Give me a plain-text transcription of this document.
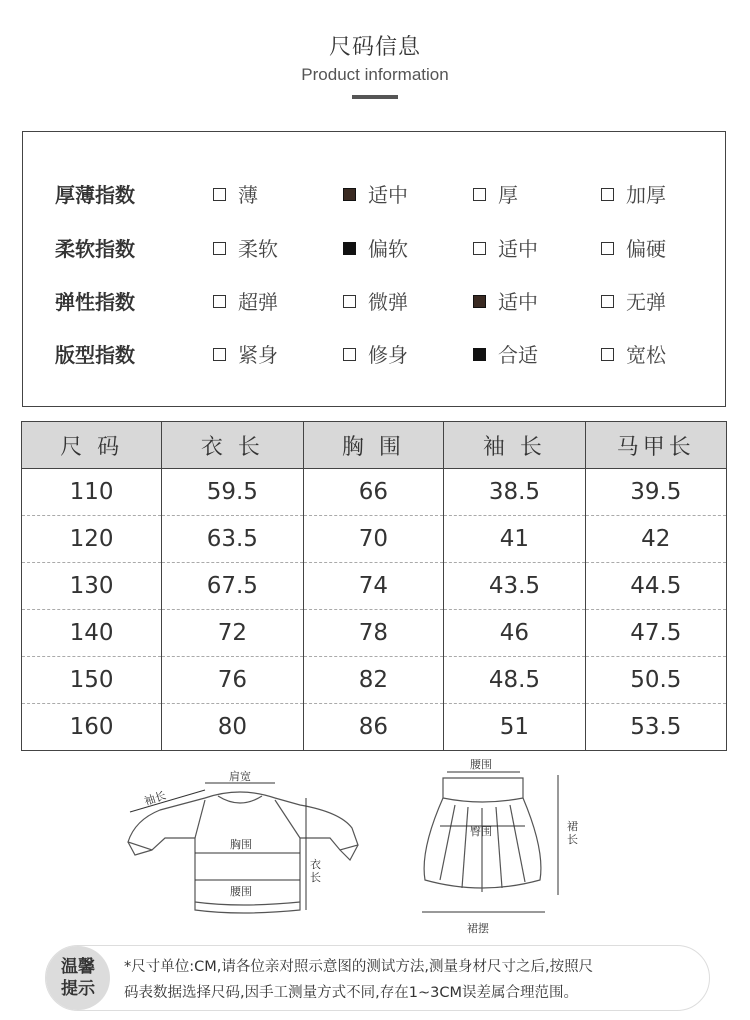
尺码信息
Product information
厚薄指数	薄	适中	厚	加厚
柔软指数	柔软	偏软	适中	偏硬
弹性指数	超弹	微弹	适中	无弹
版型指数	紧身	修身	合适	宽松
尺 码	衣 长	胸 围	袖 长	马甲长
110	59.5	66	38.5	39.5
120	63.5	70	41	42
130	67.5	74	43.5	44.5
140	72	78	46	47.5
150	76	82	48.5	50.5
160	80	86	51	53.5
袖长
肩宽
胸围
衣长
腰围
腰围
臀围	裙长
裙摆
温馨
提示
*尺寸单位:CM,请各位亲对照示意图的测试方法,测量身材尺寸之后,按照尺
码表数据选择尺码,因手工测量方式不同,存在1~3CM误差属合理范围。
